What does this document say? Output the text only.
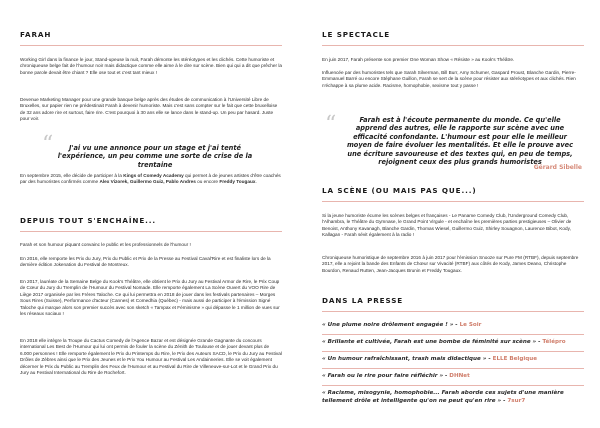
FARAH

Working Girl dans la finance le jour, Stand-upeuse la nuit, Farah démonte les stéréotypes et les clichés. Cette humoriste et chroniqueuse belge fait de l'humour noir mais didactique comme elle aime à le dire sur scène. Bien qui qui a dit que prêcher la bonne parole devait être chiant ? Elle ose tout et c'est tant mieux !

Devenue Marketing Manager pour une grande banque belge après des études de communication à l'Université Libre de Bruxelles, sur papier rien ne prédestinait Farah à devenir humoriste. Mais c'est sans compter sur le fait que cette bruxelloise de 32 ans adore rire et surtout, faire rire. C'est pourquoi à 30 ans elle se lance dans le stand-up. Un peu par hasard. Juste pour voir.

“	J'ai vu une annonce pour un stage et j'ai tenté l'expérience, un peu comme une sorte de crise de la trentaine

En septembre 2015, elle décide de participer à la Kings of Comedy Academy qui permet à de jeunes artistes d'être coachés par des humoristes confirmés comme Alex Vizorek, Guillermo Guiz, Pablo Andres ou encore Freddy Tougaux.

DEPUIS TOUT S'ENCHAÎNE...

Farah et son humour piquant convainc le public et les professionnels de l'humour !

En 2016, elle remporte les Prix du Jury, Prix du Public et Prix de la Presse au Festival Caval'Rire et est finaliste lors de la dernière édition Jokenation du Festival de Montreux.

En 2017, lauréate de la Semaine Belge du Kook's Théâtre, elle obtient le Prix du Jury au Festival Armor de Rire, le Prix Coup de Cœur du Jury du Tremplin de l'Humour du Festival Nomade. Elle remporte également La Scène Ouvert du VOO Rire de Liège 2017 organisée par les Frères Taloche. Ce qui lui permettra en 2018 de jouer dans les festivals partenaires – Morges Sous Rires (Suisse), Performance d'acteur (Cannes) et Comedhia (Québec) - mais aussi de participer à l'émission Signé Taloche qui marque alors son premier succès avec son sketch « Tampax et Féminisme » qui dépasse le 1 million de vues sur les réseaux sociaux !

En 2018 elle intègre la Troupe du Cactus Comedy de l'Agence Bazar et est désignée Grande Gagnante du concours international Les Best de l'Humour qui lui ont permis de fouler la scène du Zénith de Toulouse et de jouer devant plus de 6.000 personnes ! Elle remporte également le Prix du Printemps du Rire, le Prix des Auteurs SACD, le Prix du Jury au Festival Drôles de Zèbres ainsi que le Prix des Jeunes et le Prix You Humour au Festival Les Andainneries. Elle se voit également décerner le Prix du Public au Tremplin des Feux de l'Humour et au Festival du Rire de Villeneuve-sur-Lot et le Grand Prix du Jury au Festival International du Rire de Rochefort.

LE SPECTACLE

En juin 2017, Farah présente son premier One Woman Show « Résiste » au Kook's Théâtre.

Influencée par des humoristes tels que Sarah Silverman, Bill Burr, Amy Schumer, Gaspard Proust, Blanche Gardin, Pierre-Emmanuel Barré ou encore Stéphane Guillon, Farah se sert de la scène pour résister aux stéréotypes et aux clichés. Rien n'échappe à sa plume acide. Racisme, homophobie, sexisme tout y passe !

“	Farah est à l'écoute permanente du monde. Ce qu'elle apprend des autres, elle le rapporte sur scène avec une efficacité confondante. L'humour est pour elle le meilleur moyen de faire évoluer les mentalités. Et elle le prouve avec une écriture savoureuse et des textes qui, en peu de temps, rejoignent ceux des plus grands humoristes
Gérard Sibelle
LA SCÈNE (OU MAIS PAS QUE...)

Si la jeune humoriste écume les scènes belges et françaises - Le Paname Comedy Club, l'Underground Comedy Club, l'Alhambra, le Théâtre du Gymnase, le Grand Point Virgule - et enchaîne les premières parties prestigieuses – Olivier de Benoist, Anthony Kavanagh, Blanche Gardin, Thomas Wiesel, Guillermo Guiz, Shirley Souagnon, Laurence Bibot, Kody, Kallagan - Farah sévit également à la radio !

Chroniqueuse humoristique de septembre 2016 à juin 2017 pour l'émission Snooze sur Pure FM (RTBF), depuis septembre 2017, elle a rejoint la bande des Enfants de Chœur sur Vivacité (RTBF) aux côtés de Kody, James Deano, Christophe Bourdon, Renaud Rutten, Jean-Jacques Brunin et Freddy Tougaux.

DANS LA PRESSE
« Une plume noire drôlement engagée ! » - Le Soir
« Brillante et cultivée, Farah est une bombe de féminité sur scène » - Télépro
« Un humour rafraîchissant, trash mais didactique » - ELLE Belgique
« Farah ou le rire pour faire réfléchir » - DHNet
« Racisme, misogynie, homophobie... Farah aborde ces sujets d'une manière tellement drôle et intelligente qu'on ne peut qu'en rire » - 7sur7
